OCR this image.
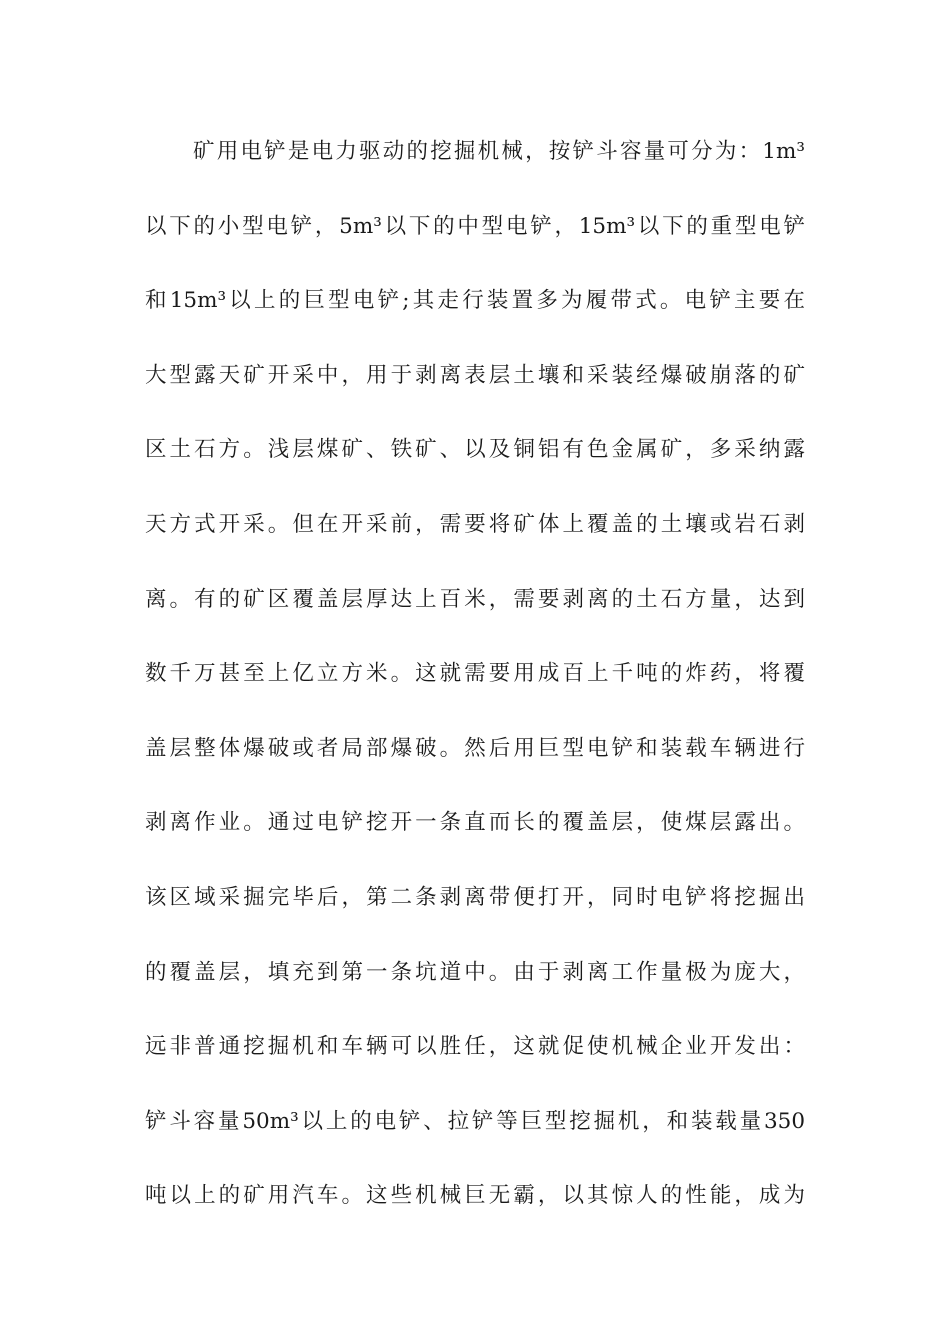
矿用电铲是电力驱动的挖掘机械，按铲斗容量可分为：1m³
以下的小型电铲，5m³以下的中型电铲，15m³以下的重型电铲
和15m³以上的巨型电铲;其走行装置多为履带式。电铲主要在
大型露天矿开采中，用于剥离表层土壤和采装经爆破崩落的矿
区土石方。浅层煤矿、铁矿、以及铜铝有色金属矿，多采纳露
天方式开采。但在开采前，需要将矿体上覆盖的土壤或岩石剥
离。有的矿区覆盖层厚达上百米，需要剥离的土石方量，达到
数千万甚至上亿立方米。这就需要用成百上千吨的炸药，将覆
盖层整体爆破或者局部爆破。然后用巨型电铲和装载车辆进行
剥离作业。通过电铲挖开一条直而长的覆盖层，使煤层露出。
该区域采掘完毕后，第二条剥离带便打开，同时电铲将挖掘出
的覆盖层，填充到第一条坑道中。由于剥离工作量极为庞大，
远非普通挖掘机和车辆可以胜任，这就促使机械企业开发出：
铲斗容量50m³以上的电铲、拉铲等巨型挖掘机，和装载量350
吨以上的矿用汽车。这些机械巨无霸，以其惊人的性能，成为
